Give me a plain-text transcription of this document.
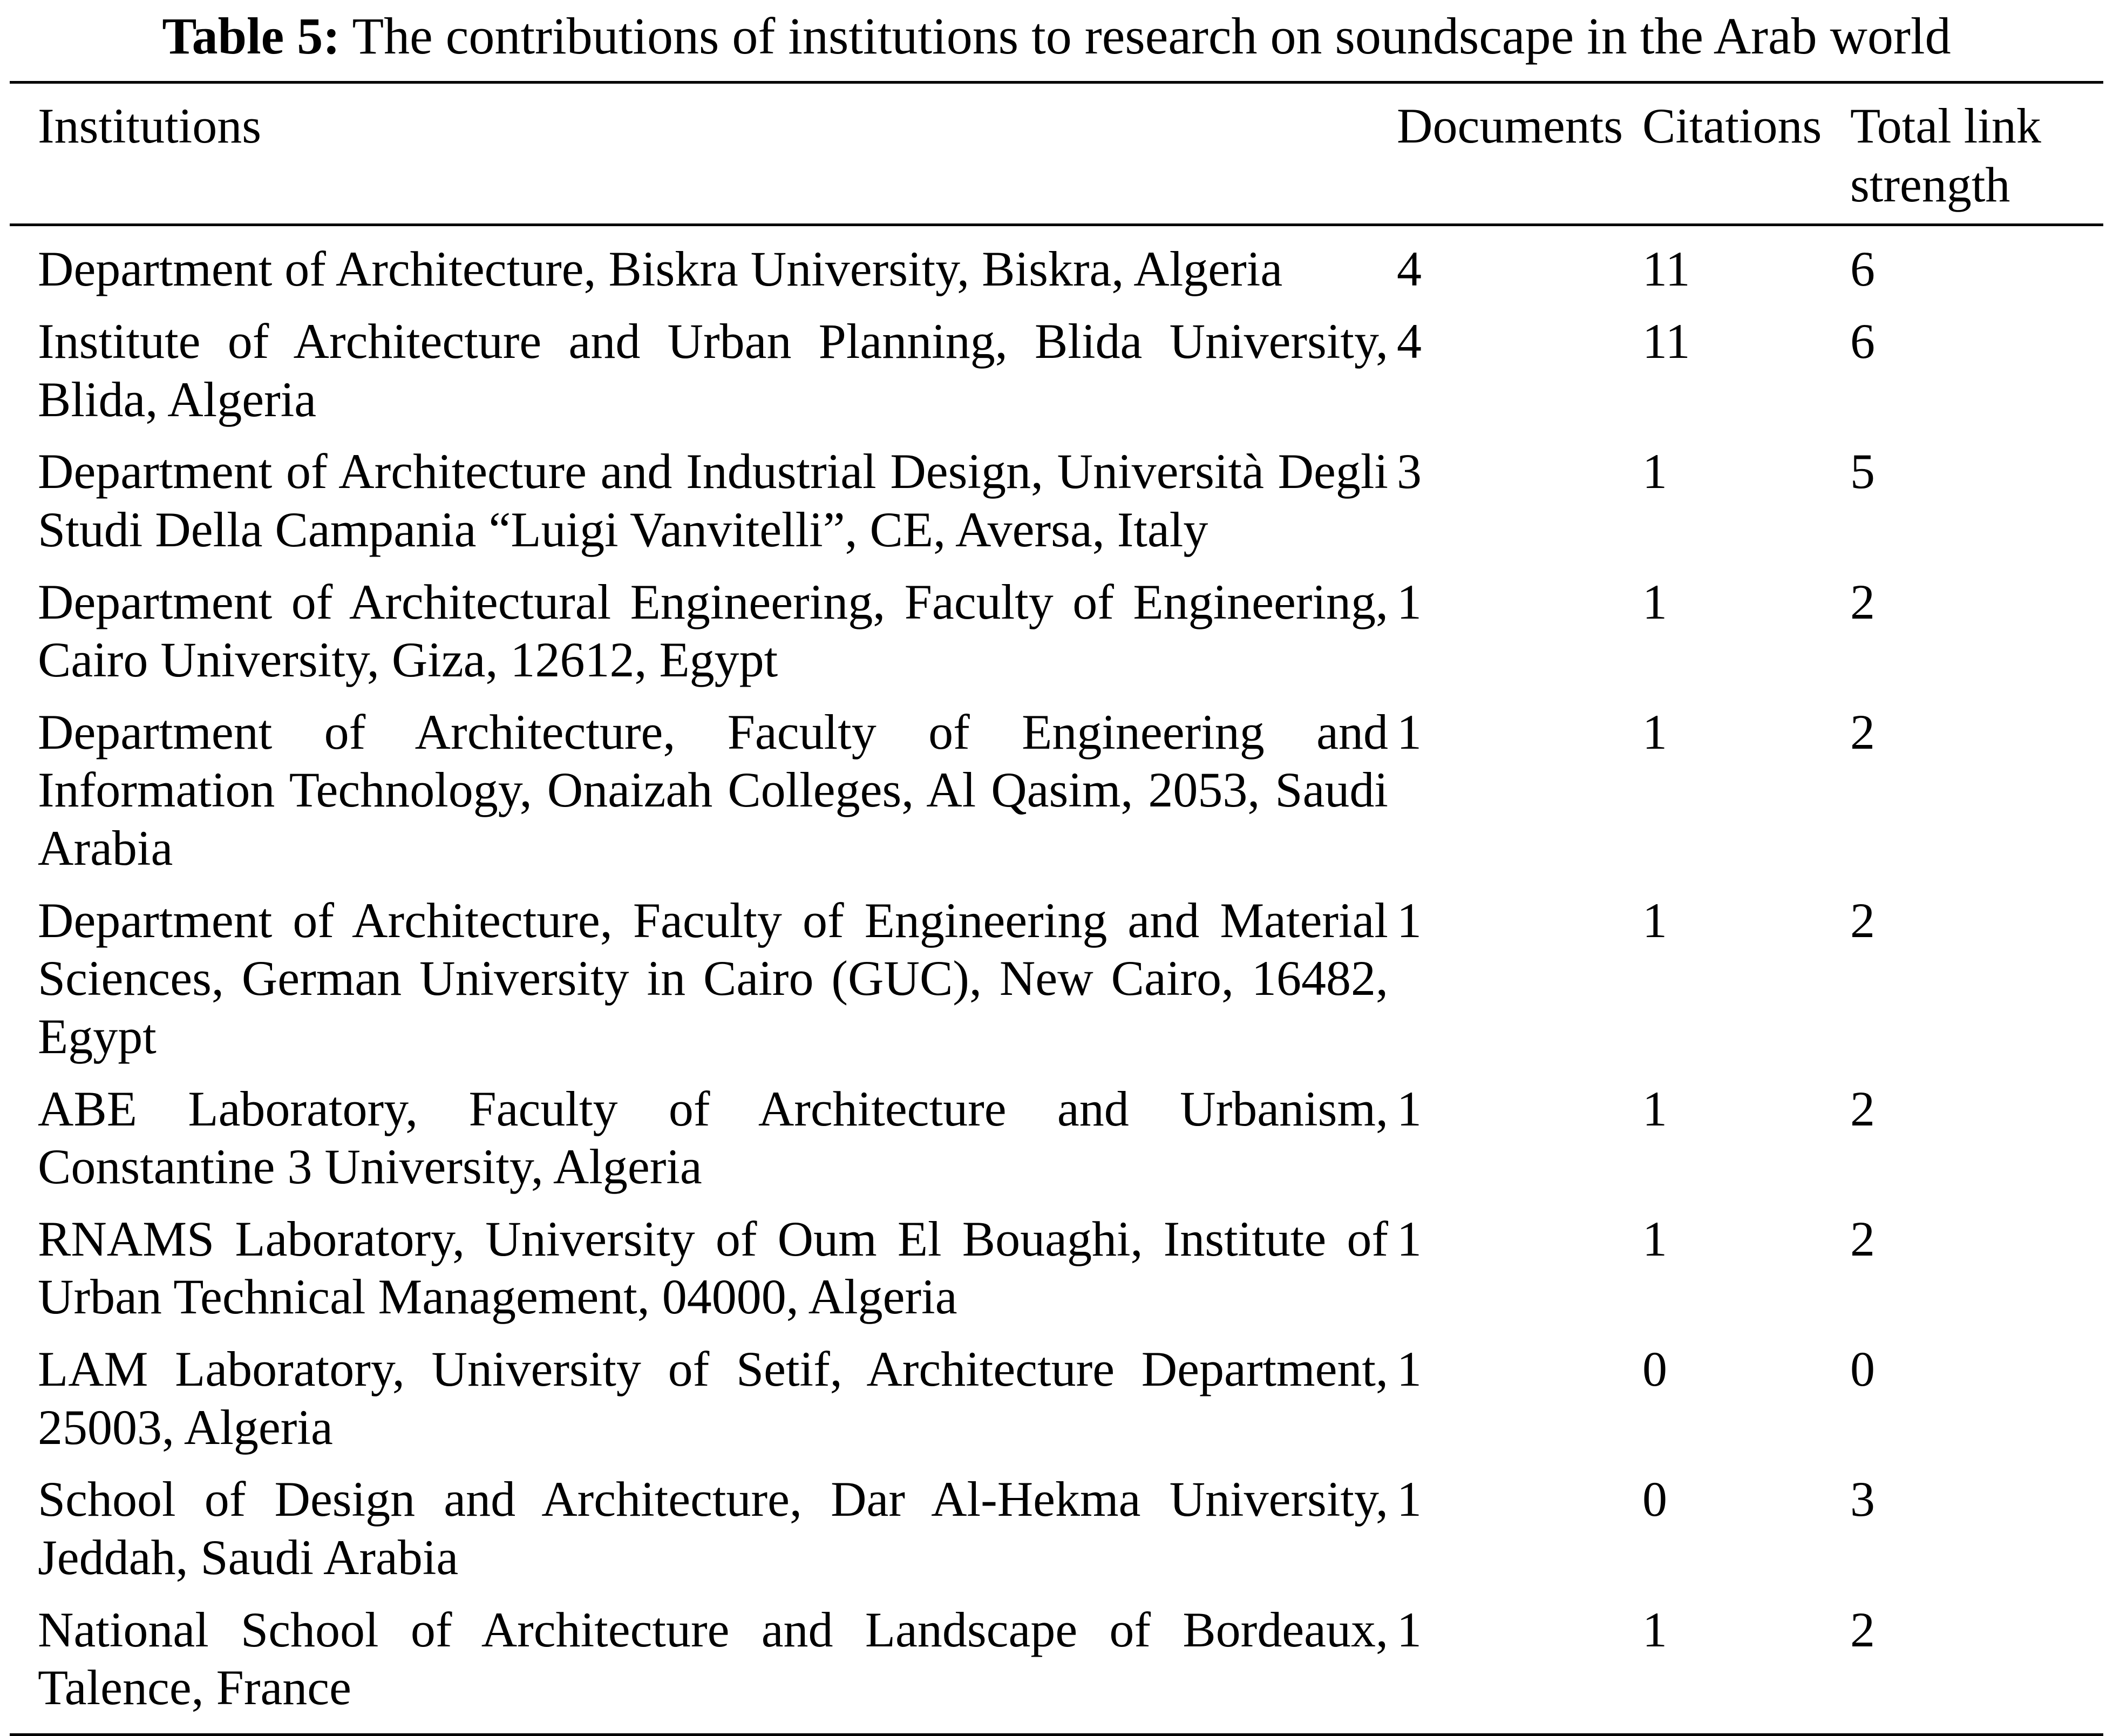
Table 5: The contributions of institutions to research on soundscape in the Arab world
Institutions	Documents	Citations	Total link strength
Department of Architecture, Biskra University, Biskra, Algeria	4	11	6
Institute of Architecture and Urban Planning, Blida University, Blida, Algeria	4	11	6
Department of Architecture and Industrial Design, Università Degli Studi Della Campania “Luigi Vanvitelli”, CE, Aversa, Italy	3	1	5
Department of Architectural Engineering, Faculty of Engineering, Cairo University, Giza, 12612, Egypt	1	1	2
Department of Architecture, Faculty of Engineering and Information Technology, Onaizah Colleges, Al Qasim, 2053, Saudi Arabia	1	1	2
Department of Architecture, Faculty of Engineering and Material Sciences, German University in Cairo (GUC), New Cairo, 16482, Egypt	1	1	2
ABE Laboratory, Faculty of Architecture and Urbanism, Constantine 3 University, Algeria	1	1	2
RNAMS Laboratory, University of Oum El Bouaghi, Institute of Urban Technical Management, 04000, Algeria	1	1	2
LAM Laboratory, University of Setif, Architecture Department, 25003, Algeria	1	0	0
School of Design and Architecture, Dar Al-Hekma University, Jeddah, Saudi Arabia	1	0	3
National School of Architecture and Landscape of Bordeaux, Talence, France	1	1	2
